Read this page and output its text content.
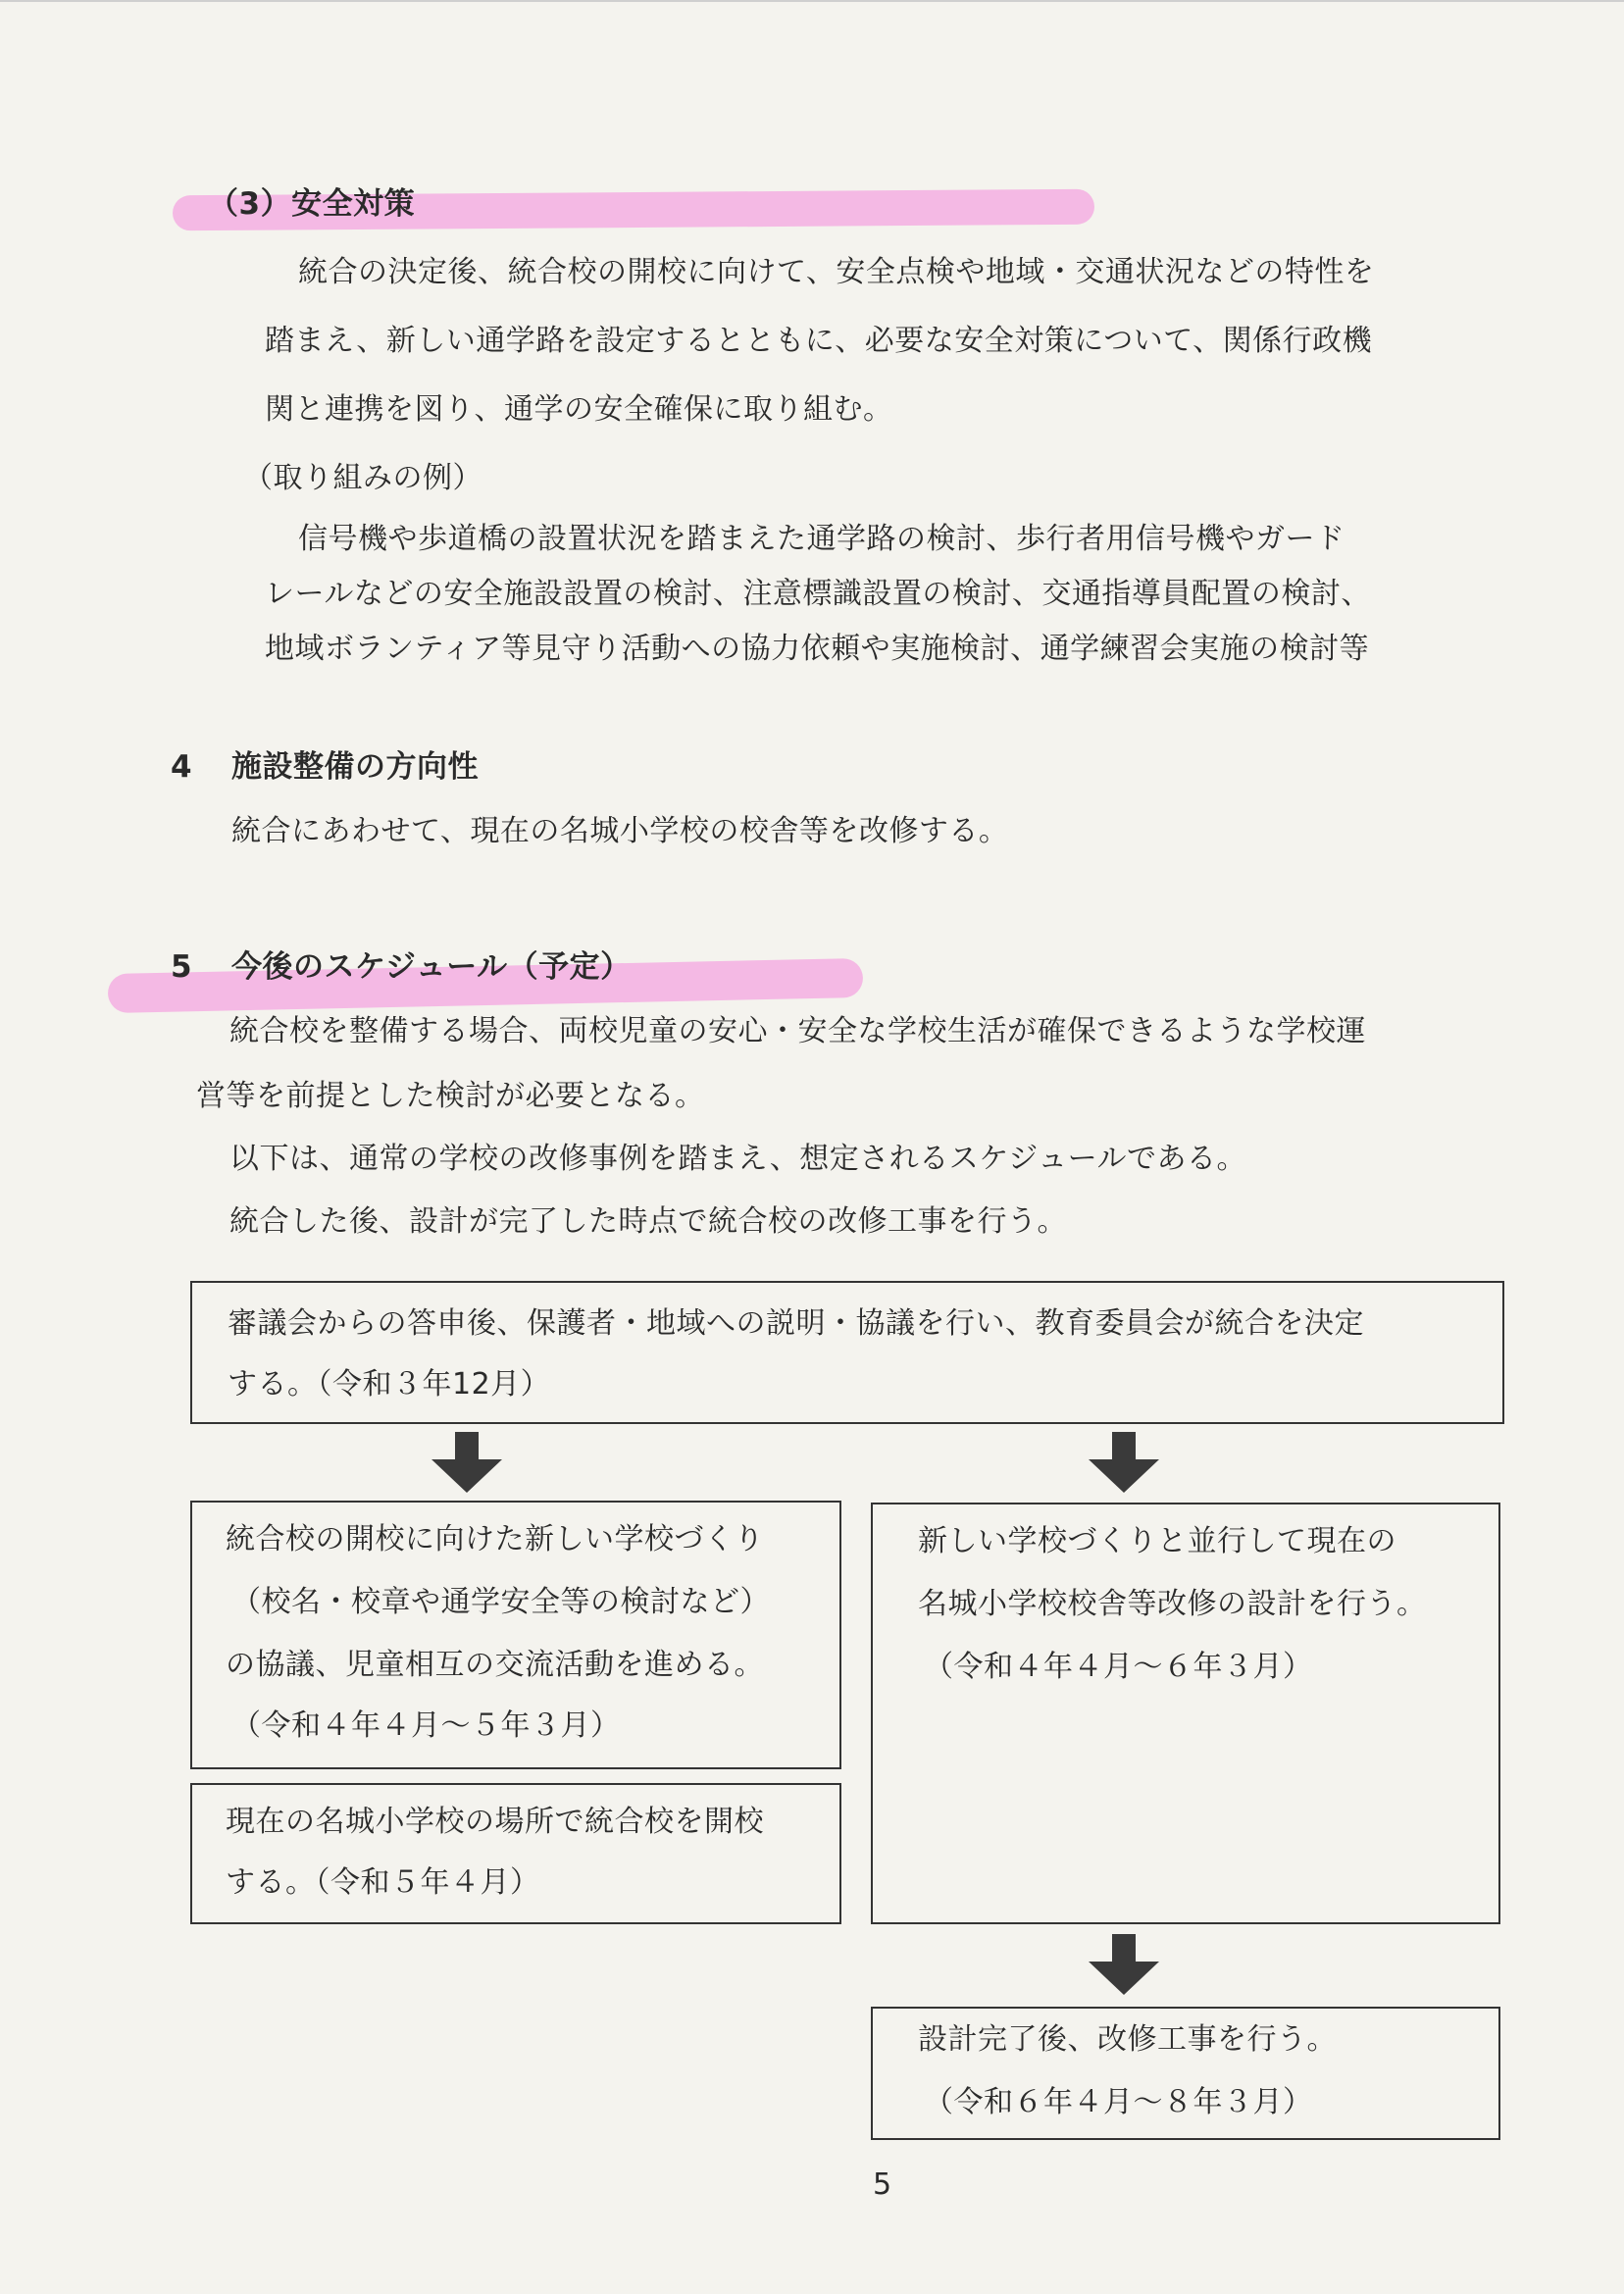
（3）安全対策
統合の決定後、統合校の開校に向けて、安全点検や地域・交通状況などの特性を
踏まえ、新しい通学路を設定するとともに、必要な安全対策について、関係行政機
関と連携を図り、通学の安全確保に取り組む。
（取り組みの例）
信号機や歩道橋の設置状況を踏まえた通学路の検討、歩行者用信号機やガード
レールなどの安全施設設置の検討、注意標識設置の検討、交通指導員配置の検討、
地域ボランティア等見守り活動への協力依頼や実施検討、通学練習会実施の検討等
4 施設整備の方向性
統合にあわせて、現在の名城小学校の校舎等を改修する。
5 今後のスケジュール（予定）
統合校を整備する場合、両校児童の安心・安全な学校生活が確保できるような学校運
営等を前提とした検討が必要となる。
以下は、通常の学校の改修事例を踏まえ、想定されるスケジュールである。
統合した後、設計が完了した時点で統合校の改修工事を行う。
審議会からの答申後、保護者・地域への説明・協議を行い、教育委員会が統合を決定
する。（令和３年12月）
統合校の開校に向けた新しい学校づくり
（校名・校章や通学安全等の検討など）
の協議、児童相互の交流活動を進める。
（令和４年４月～５年３月）
現在の名城小学校の場所で統合校を開校
する。（令和５年４月）
新しい学校づくりと並行して現在の
名城小学校校舎等改修の設計を行う。
（令和４年４月～６年３月）
設計完了後、改修工事を行う。
（令和６年４月～８年３月）
5
